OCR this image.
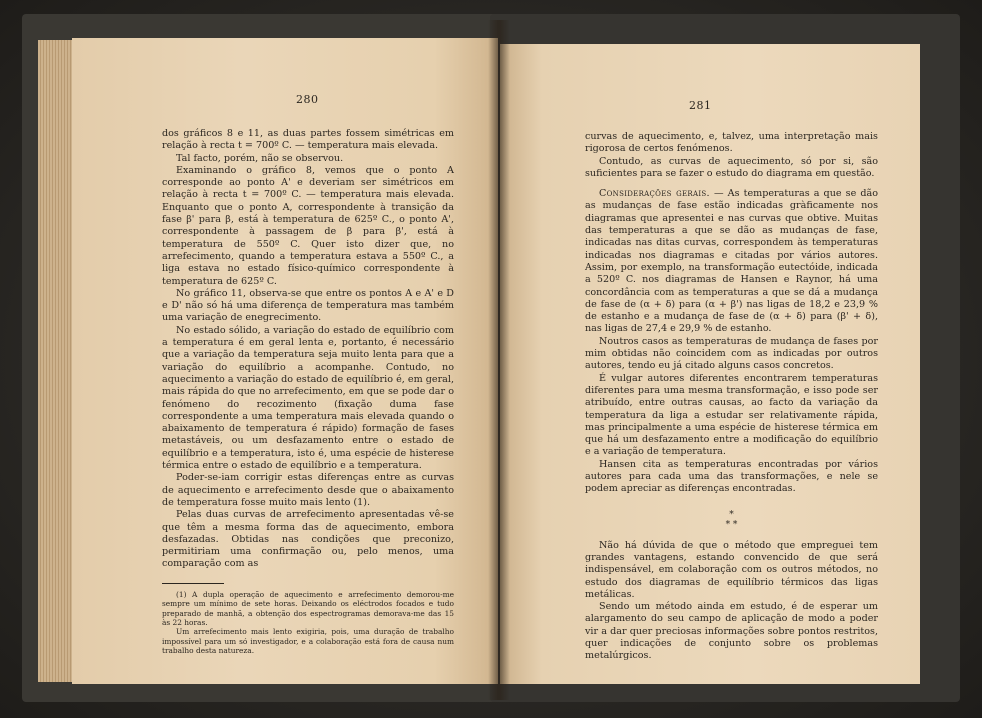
280

dos gráficos 8 e 11, as duas partes fossem simétricas em relação à recta t = 700º C. — temperatura mais elevada.

Tal facto, porém, não se observou.

Examinando o gráfico 8, vemos que o ponto A corresponde ao ponto A' e deveriam ser simétricos em relação à recta t = 700º C. — temperatura mais elevada. Enquanto que o ponto A, correspondente à transição da fase β' para β, está à temperatura de 625º C., o ponto A', correspondente à passagem de β para β', está à temperatura de 550º C. Quer isto dizer que, no arrefecimento, quando a temperatura estava a 550º C., a liga estava no estado físico-químico correspondente à temperatura de 625º C.

No gráfico 11, observa-se que entre os pontos A e A' e D e D' não só há uma diferença de temperatura mas também uma variação de enegrecimento.

No estado sólido, a variação do estado de equilíbrio com a temperatura é em geral lenta e, portanto, é necessário que a variação da temperatura seja muito lenta para que a variação do equilíbrio a acompanhe. Contudo, no aquecimento a variação do estado de equilíbrio é, em geral, mais rápida do que no arrefecimento, em que se pode dar o fenómeno do recozimento (fixação duma fase correspondente a uma temperatura mais elevada quando o abaixamento de temperatura é rápido) formação de fases metastáveis, ou um desfazamento entre o estado de equilíbrio e a temperatura, isto é, uma espécie de histerese térmica entre o estado de equilíbrio e a temperatura.

Poder-se-iam corrigir estas diferenças entre as curvas de aquecimento e arrefecimento desde que o abaixamento de temperatura fosse muito mais lento (1).

Pelas duas curvas de arrefecimento apresentadas vê-se que têm a mesma forma das de aquecimento, embora desfazadas. Obtidas nas condições que preconizo, permitiriam uma confirmação ou, pelo menos, uma comparação com as

(1) A dupla operação de aquecimento e arrefecimento demorou-me sempre um mínimo de sete horas. Deixando os eléctrodos focados e tudo preparado de manhã, a obtenção dos espectrogramas demorava-me das 15 às 22 horas.

Um arrefecimento mais lento exigiria, pois, uma duração de trabalho impossível para um só investigador, e a colaboração está fora de causa num trabalho desta natureza.

281

curvas de aquecimento, e, talvez, uma interpretação mais rigorosa de certos fenómenos.

Contudo, as curvas de aquecimento, só por si, são suficientes para se fazer o estudo do diagrama em questão.

Considerações gerais. — As temperaturas a que se dão as mudanças de fase estão indicadas gràficamente nos diagramas que apresentei e nas curvas que obtive. Muitas das temperaturas a que se dão as mudanças de fase, indicadas nas ditas curvas, correspondem às temperaturas indicadas nos diagramas e citadas por vários autores. Assim, por exemplo, na transformação eutectóide, indicada a 520º C. nos diagramas de Hansen e Raynor, há uma concordância com as temperaturas a que se dá a mudança de fase de (α + δ) para (α + β') nas ligas de 18,2 e 23,9 % de estanho e a mudança de fase de (α + δ) para (β' + δ), nas ligas de 27,4 e 29,9 % de estanho.

Noutros casos as temperaturas de mudança de fases por mim obtidas não coincidem com as indicadas por outros autores, tendo eu já citado alguns casos concretos.

É vulgar autores diferentes encontrarem temperaturas diferentes para uma mesma transformação, e isso pode ser atribuído, entre outras causas, ao facto da variação da temperatura da liga a estudar ser relativamente rápida, mas principalmente a uma espécie de histerese térmica em que há um desfazamento entre a modificação do equilíbrio e a variação de temperatura.

Hansen cita as temperaturas encontradas por vários autores para cada uma das transformações, e nele se podem apreciar as diferenças encontradas.

*
* *

Não há dúvida de que o método que empreguei tem grandes vantagens, estando convencido de que será indispensável, em colaboração com os outros métodos, no estudo dos diagramas de equilíbrio térmicos das ligas metálicas.

Sendo um método ainda em estudo, é de esperar um alargamento do seu campo de aplicação de modo a poder vir a dar quer preciosas informações sobre pontos restritos, quer indicações de conjunto sobre os problemas metalúrgicos.
